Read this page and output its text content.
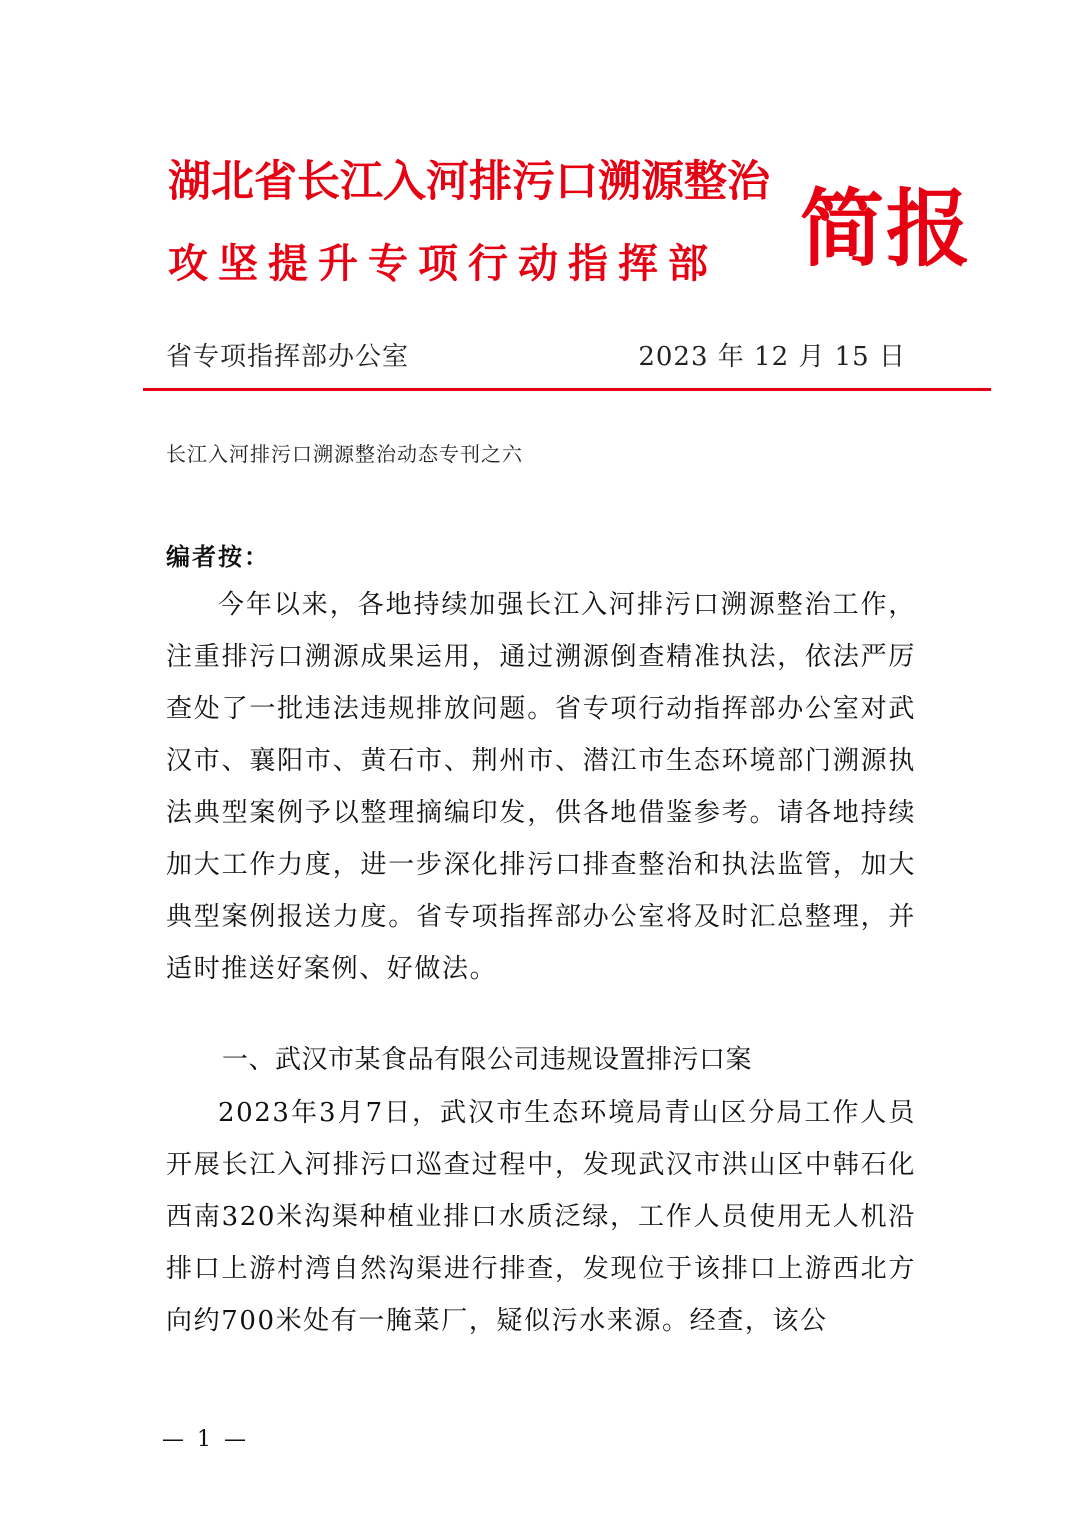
湖北省长江入河排污口溯源整治
攻坚提升专项行动指挥部 简报
省专项指挥部办公室	2023 年 12 月 15 日
长江入河排污口溯源整治动态专刊之六
编者按：

今年以来，各地持续加强长江入河排污口溯源整治工作，注重排污口溯源成果运用，通过溯源倒查精准执法，依法严厉查处了一批违法违规排放问题。省专项行动指挥部办公室对武汉市、襄阳市、黄石市、荆州市、潜江市生态环境部门溯源执法典型案例予以整理摘编印发，供各地借鉴参考。请各地持续加大工作力度，进一步深化排污口排查整治和执法监管，加大典型案例报送力度。省专项指挥部办公室将及时汇总整理，并适时推送好案例、好做法。

一、武汉市某食品有限公司违规设置排污口案

2023年3月7日，武汉市生态环境局青山区分局工作人员开展长江入河排污口巡查过程中，发现武汉市洪山区中韩石化西南320米沟渠种植业排口水质泛绿，工作人员使用无人机沿排口上游村湾自然沟渠进行排查，发现位于该排口上游西北方向约700米处有一腌菜厂，疑似污水来源。经查，该公

— 1 —
